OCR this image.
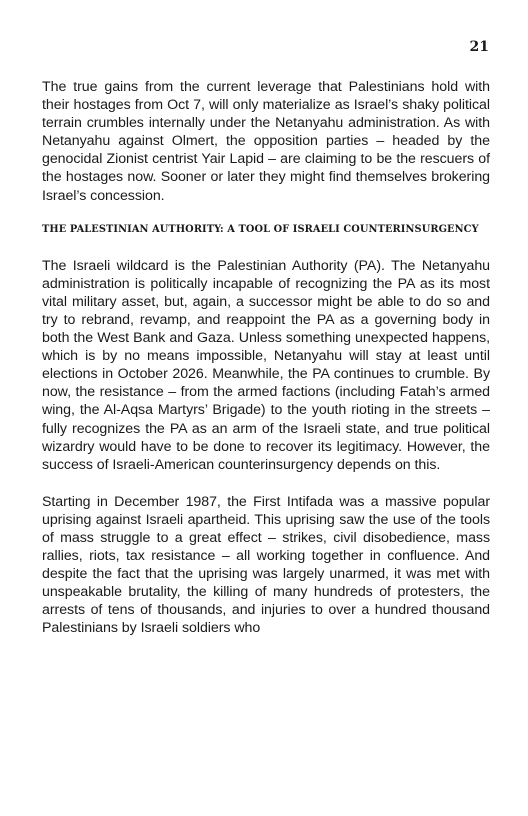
21

The true gains from the current leverage that Palestinians hold with their hostages from Oct 7, will only materialize as Israel’s shaky political terrain crumbles internally under the Netanyahu administration. As with Netanyahu against Olmert, the opposition parties – headed by the genocidal Zionist centrist Yair Lapid – are claiming to be the rescuers of the hostages now. Sooner or later they might find themselves brokering Israel’s concession.

THE PALESTINIAN AUTHORITY: A TOOL OF ISRAELI COUNTERINSURGENCY

The Israeli wildcard is the Palestinian Authority (PA). The Netanyahu administration is politically incapable of recognizing the PA as its most vital military asset, but, again, a successor might be able to do so and try to rebrand, revamp, and reappoint the PA as a governing body in both the West Bank and Gaza. Unless something unexpected happens, which is by no means impossible, Netanyahu will stay at least until elections in October 2026. Meanwhile, the PA continues to crumble. By now, the resistance – from the armed factions (including Fatah’s armed wing, the Al-Aqsa Martyrs’ Brigade) to the youth rioting in the streets – fully recognizes the PA as an arm of the Israeli state, and true political wizardry would have to be done to recover its legitimacy. However, the success of Israeli-American counterinsurgency depends on this.

Starting in December 1987, the First Intifada was a massive popular uprising against Israeli apartheid. This uprising saw the use of the tools of mass struggle to a great effect – strikes, civil disobedience, mass rallies, riots, tax resistance – all working together in confluence. And despite the fact that the uprising was largely unarmed, it was met with unspeakable brutality, the killing of many hundreds of protesters, the arrests of tens of thousands, and injuries to over a hundred thousand Palestinians by Israeli soldiers who
